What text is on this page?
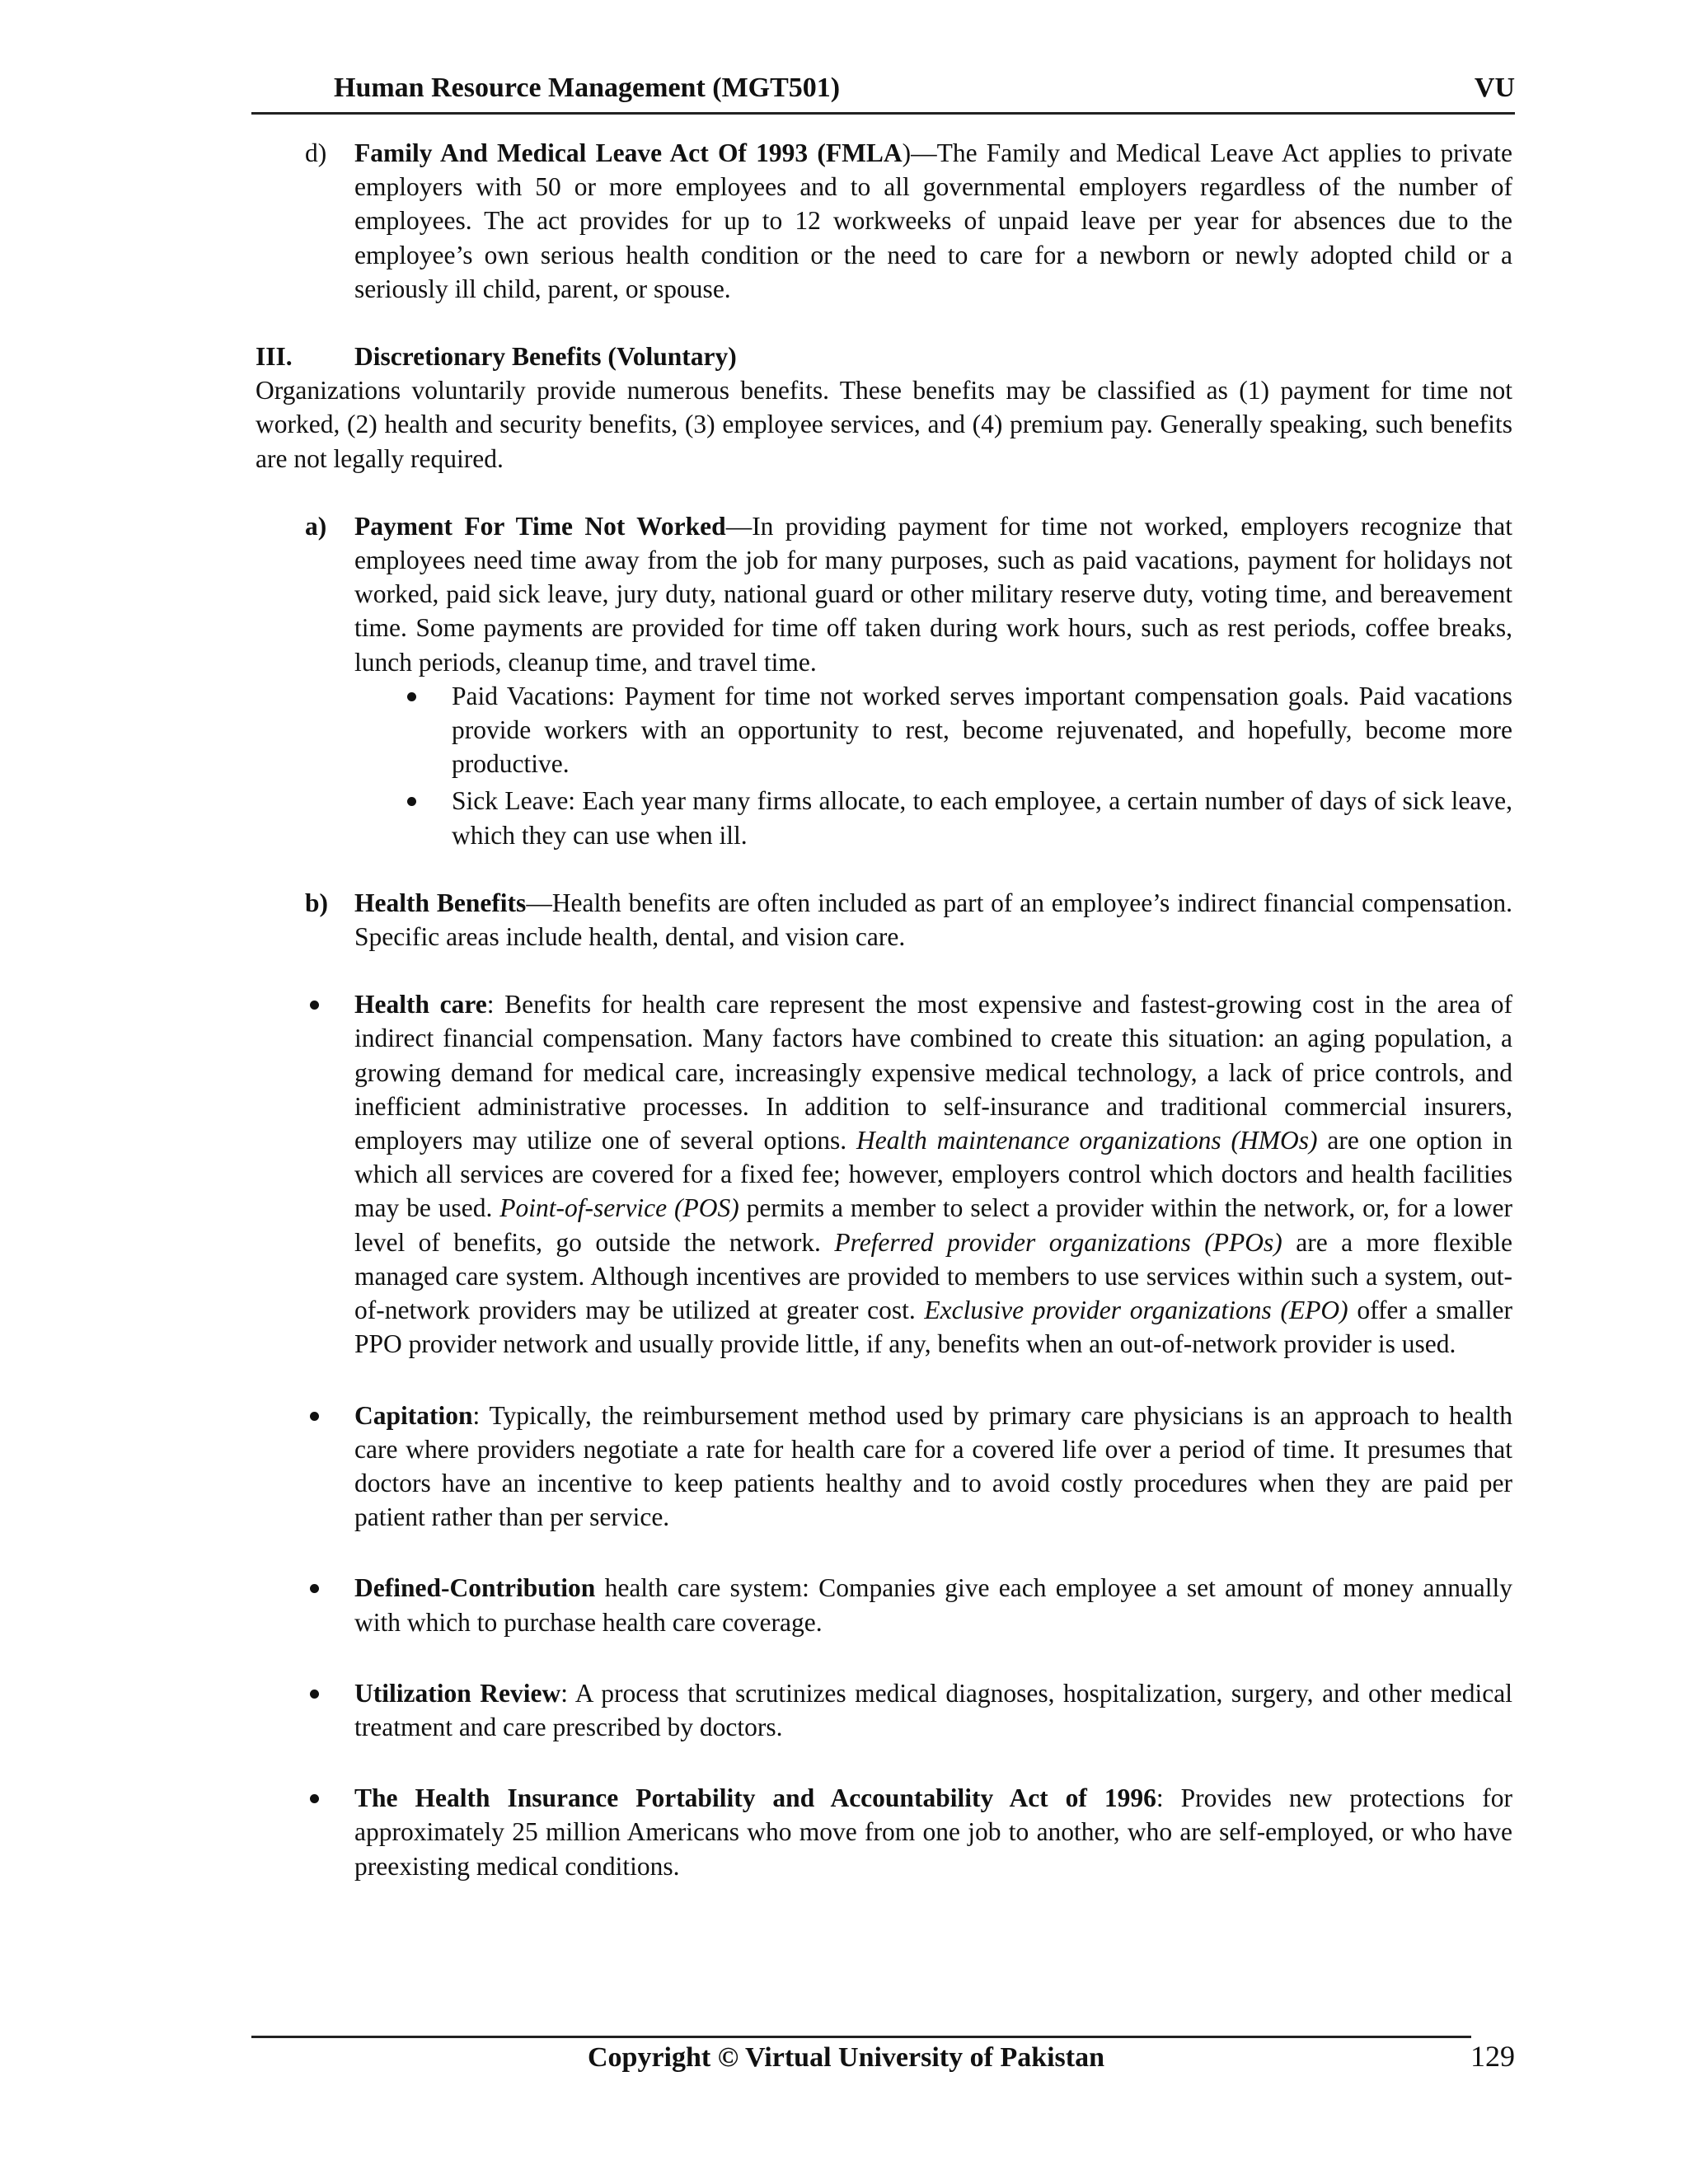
Human Resource Management (MGT501)	VU
d)	Family And Medical Leave Act Of 1993 (FMLA)—The Family and Medical Leave Act applies to private employers with 50 or more employees and to all governmental employers regardless of the number of employees. The act provides for up to 12 workweeks of unpaid leave per year for absences due to the employee’s own serious health condition or the need to care for a newborn or newly adopted child or a seriously ill child, parent, or spouse.
III.	Discretionary Benefits (Voluntary)

Organizations voluntarily provide numerous benefits. These benefits may be classified as (1) payment for time not worked, (2) health and security benefits, (3) employee services, and (4) premium pay. Generally speaking, such benefits are not legally required.

a)	Payment For Time Not Worked—In providing payment for time not worked, employers recognize that employees need time away from the job for many purposes, such as paid vacations, payment for holidays not worked, paid sick leave, jury duty, national guard or other military reserve duty, voting time, and bereavement time. Some payments are provided for time off taken during work hours, such as rest periods, coffee breaks, lunch periods, cleanup time, and travel time.
Paid Vacations: Payment for time not worked serves important compensation goals. Paid vacations provide workers with an opportunity to rest, become rejuvenated, and hopefully, become more productive.
Sick Leave: Each year many firms allocate, to each employee, a certain number of days of sick leave, which they can use when ill.
b)	Health Benefits—Health benefits are often included as part of an employee’s indirect financial compensation. Specific areas include health, dental, and vision care.
Health care: Benefits for health care represent the most expensive and fastest-growing cost in the area of indirect financial compensation. Many factors have combined to create this situation: an aging population, a growing demand for medical care, increasingly expensive medical technology, a lack of price controls, and inefficient administrative processes. In addition to self-insurance and traditional commercial insurers, employers may utilize one of several options. Health maintenance organizations (HMOs) are one option in which all services are covered for a fixed fee; however, employers control which doctors and health facilities may be used. Point-of-service (POS) permits a member to select a provider within the network, or, for a lower level of benefits, go outside the network. Preferred provider organizations (PPOs) are a more flexible managed care system. Although incentives are provided to members to use services within such a system, out-of-network providers may be utilized at greater cost. Exclusive provider organizations (EPO) offer a smaller PPO provider network and usually provide little, if any, benefits when an out-of-network provider is used.
Capitation: Typically, the reimbursement method used by primary care physicians is an approach to health care where providers negotiate a rate for health care for a covered life over a period of time. It presumes that doctors have an incentive to keep patients healthy and to avoid costly procedures when they are paid per patient rather than per service.
Defined-Contribution health care system: Companies give each employee a set amount of money annually with which to purchase health care coverage.
Utilization Review: A process that scrutinizes medical diagnoses, hospitalization, surgery, and other medical treatment and care prescribed by doctors.
The Health Insurance Portability and Accountability Act of 1996: Provides new protections for approximately 25 million Americans who move from one job to another, who are self-employed, or who have preexisting medical conditions.
Copyright © Virtual University of Pakistan	129
